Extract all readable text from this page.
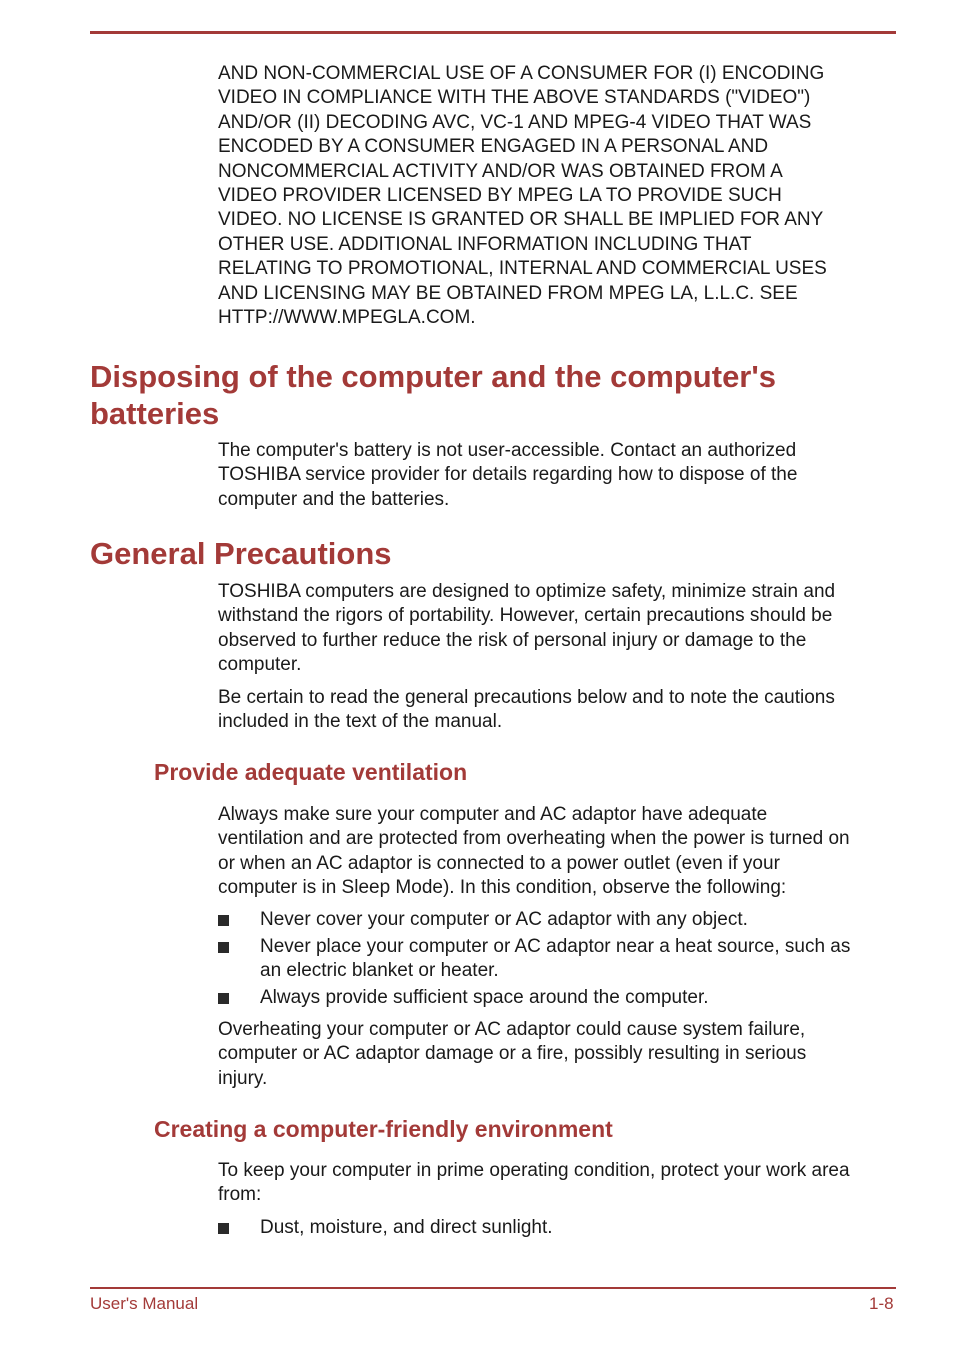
AND NON-COMMERCIAL USE OF A CONSUMER FOR (I) ENCODING
VIDEO IN COMPLIANCE WITH THE ABOVE STANDARDS ("VIDEO")
AND/OR (II) DECODING AVC, VC-1 AND MPEG-4 VIDEO THAT WAS
ENCODED BY A CONSUMER ENGAGED IN A PERSONAL AND
NONCOMMERCIAL ACTIVITY AND/OR WAS OBTAINED FROM A
VIDEO PROVIDER LICENSED BY MPEG LA TO PROVIDE SUCH
VIDEO. NO LICENSE IS GRANTED OR SHALL BE IMPLIED FOR ANY
OTHER USE. ADDITIONAL INFORMATION INCLUDING THAT
RELATING TO PROMOTIONAL, INTERNAL AND COMMERCIAL USES
AND LICENSING MAY BE OBTAINED FROM MPEG LA, L.L.C. SEE
HTTP://WWW.MPEGLA.COM.

Disposing of the computer and the computer's
batteries

The computer's battery is not user-accessible. Contact an authorized
TOSHIBA service provider for details regarding how to dispose of the
computer and the batteries.

General Precautions

TOSHIBA computers are designed to optimize safety, minimize strain and
withstand the rigors of portability. However, certain precautions should be
observed to further reduce the risk of personal injury or damage to the
computer.

Be certain to read the general precautions below and to note the cautions
included in the text of the manual.

Provide adequate ventilation

Always make sure your computer and AC adaptor have adequate
ventilation and are protected from overheating when the power is turned on
or when an AC adaptor is connected to a power outlet (even if your
computer is in Sleep Mode). In this condition, observe the following:

Never cover your computer or AC adaptor with any object.
Never place your computer or AC adaptor near a heat source, such as
an electric blanket or heater.
Always provide sufficient space around the computer.

Overheating your computer or AC adaptor could cause system failure,
computer or AC adaptor damage or a fire, possibly resulting in serious
injury.

Creating a computer-friendly environment

To keep your computer in prime operating condition, protect your work area
from:

Dust, moisture, and direct sunlight.
User's Manual	1-8
